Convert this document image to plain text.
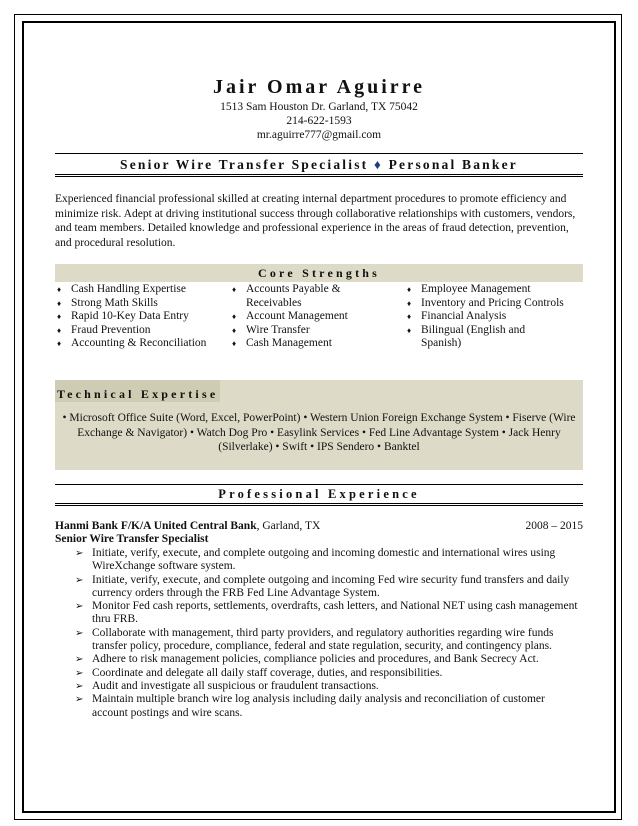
Jair Omar Aguirre
1513 Sam Houston Dr. Garland, TX 75042
214-622-1593
mr.aguirre777@gmail.com
Senior Wire Transfer Specialist ♦ Personal Banker
Experienced financial professional skilled at creating internal department procedures to promote efficiency and minimize risk. Adept at driving institutional success through collaborative relationships with customers, vendors, and team members. Detailed knowledge and professional experience in the areas of fraud detection, prevention, and procedural resolution.
Core Strengths
♦ Cash Handling Expertise
♦ Strong Math Skills
♦ Rapid 10-Key Data Entry
♦ Fraud Prevention
♦ Accounting & Reconciliation
♦ Accounts Payable & Receivables
♦ Account Management
♦ Wire Transfer
♦ Cash Management
♦ Employee Management
♦ Inventory and Pricing Controls
♦ Financial Analysis
♦ Bilingual (English and Spanish)
Technical Expertise
• Microsoft Office Suite (Word, Excel, PowerPoint) • Western Union Foreign Exchange System • Fiserve (Wire Exchange & Navigator) • Watch Dog Pro • Easylink Services • Fed Line Advantage System • Jack Henry (Silverlake) • Swift • IPS Sendero • Banktel
Professional Experience
Hanmi Bank F/K/A United Central Bank, Garland, TX	2008 – 2015
Senior Wire Transfer Specialist
➢ Initiate, verify, execute, and complete outgoing and incoming domestic and international wires using WireXchange software system.
➢ Initiate, verify, execute, and complete outgoing and incoming Fed wire security fund transfers and daily currency orders through the FRB Fed Line Advantage System.
➢ Monitor Fed cash reports, settlements, overdrafts, cash letters, and National NET using cash management thru FRB.
➢ Collaborate with management, third party providers, and regulatory authorities regarding wire funds transfer policy, procedure, compliance, federal and state regulation, security, and contingency plans.
➢ Adhere to risk management policies, compliance policies and procedures, and Bank Secrecy Act.
➢ Coordinate and delegate all daily staff coverage, duties, and responsibilities.
➢ Audit and investigate all suspicious or fraudulent transactions.
➢ Maintain multiple branch wire log analysis including daily analysis and reconciliation of customer account postings and wire scans.
